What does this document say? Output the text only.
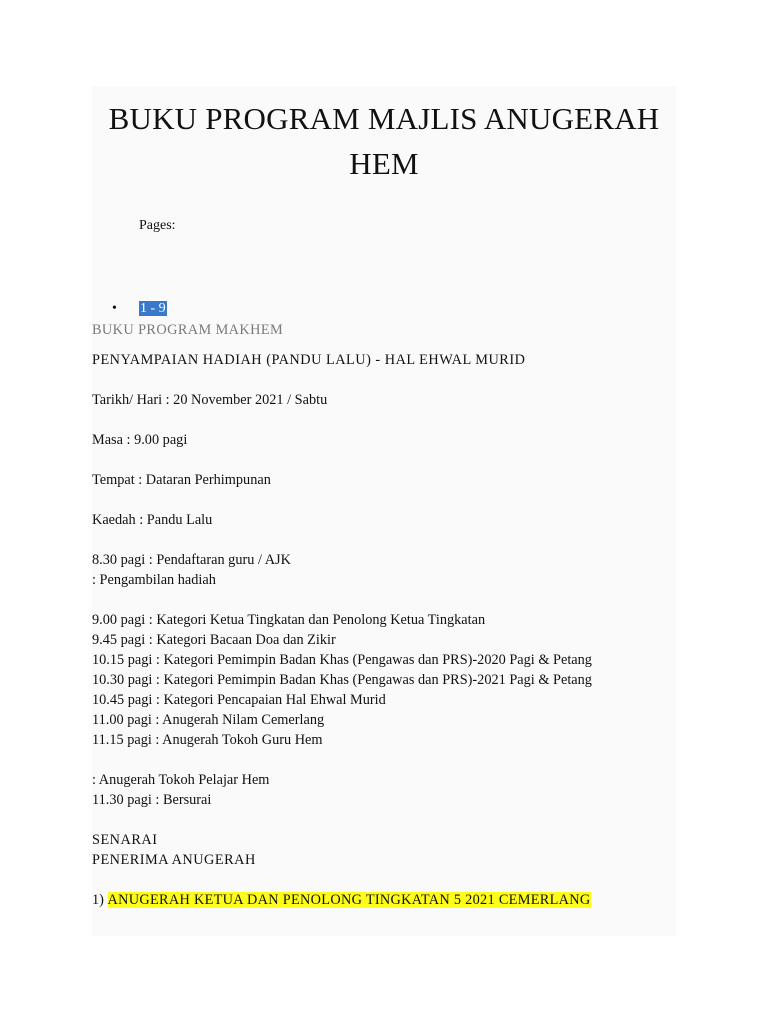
BUKU PROGRAM MAJLIS ANUGERAH
HEM
Pages:
• 1 - 9

BUKU PROGRAM MAKHEM

PENYAMPAIAN HADIAH (PANDU LALU) - HAL EHWAL MURID

Tarikh/ Hari : 20 November 2021 / Sabtu

Masa : 9.00 pagi

Tempat : Dataran Perhimpunan

Kaedah : Pandu Lalu

8.30 pagi : Pendaftaran guru / AJK

: Pengambilan hadiah

9.00 pagi : Kategori Ketua Tingkatan dan Penolong Ketua Tingkatan

9.45 pagi : Kategori Bacaan Doa dan Zikir

10.15 pagi : Kategori Pemimpin Badan Khas (Pengawas dan PRS)-2020 Pagi & Petang

10.30 pagi : Kategori Pemimpin Badan Khas (Pengawas dan PRS)-2021 Pagi & Petang

10.45 pagi : Kategori Pencapaian Hal Ehwal Murid

11.00 pagi : Anugerah Nilam Cemerlang

11.15 pagi : Anugerah Tokoh Guru Hem

: Anugerah Tokoh Pelajar Hem

11.30 pagi : Bersurai

SENARAI

PENERIMA ANUGERAH

1) ANUGERAH KETUA DAN PENOLONG TINGKATAN 5 2021 CEMERLANG
